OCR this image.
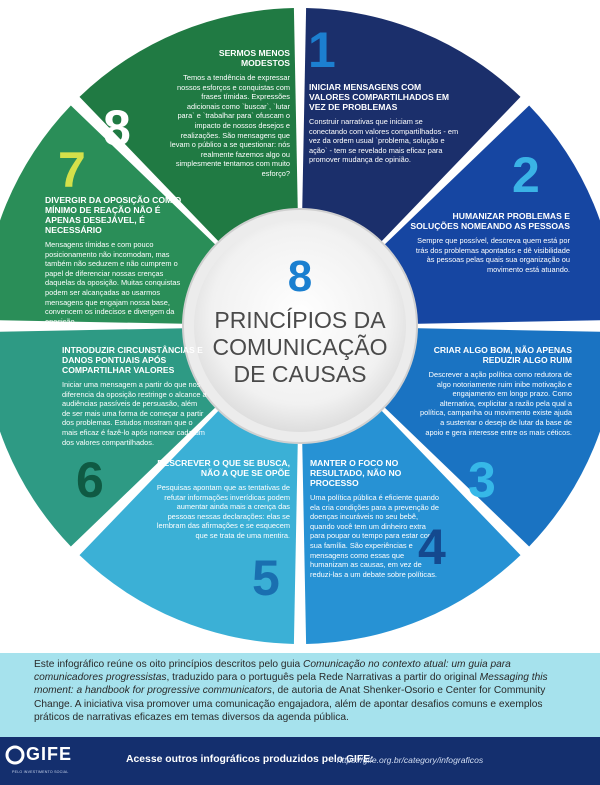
SERMOS MENOS MODESTOS

Temos a tendência de expressar nossos esforços e conquistas com frases tímidas. Expressões adicionais como `buscar`, `lutar para` e `trabalhar para` ofuscam o impacto de nossos desejos e realizações. São mensagens que levam o público a se questionar: nós realmente fazemos algo ou simplesmente tentamos com muito esforço?

8

INICIAR MENSAGENS COM VALORES COMPARTILHADOS EM VEZ DE PROBLEMAS

Construir narrativas que iniciam se conectando com valores compartilhados - em vez da ordem usual `problema, solução e ação` - tem se revelado mais eficaz para promover mudança de opinião.

1

HUMANIZAR PROBLEMAS E SOLUÇÕES NOMEANDO AS PESSOAS

Sempre que possível, descreva quem está por trás dos problemas apontados e dê visibilidade às pessoas pelas quais sua organização ou movimento está atuando.

2

CRIAR ALGO BOM, NÃO APENAS REDUZIR ALGO RUIM

Descrever a ação política como redutora de algo notoriamente ruim inibe motivação e engajamento em longo prazo. Como alternativa, explicitar a razão pela qual a política, campanha ou movimento existe ajuda a sustentar o desejo de lutar da base de apoio e gera interesse entre os mais céticos.

3

MANTER O FOCO NO RESULTADO, NÃO NO PROCESSO

Uma política pública é eficiente quando ela cria condições para a prevenção de doenças incuráveis no seu bebê, quando você tem um dinheiro extra para poupar ou tempo para estar com sua família. São experiências e mensagens como essas que humanizam as causas, em vez de reduzi-las a um debate sobre políticas.

4

DESCREVER O QUE SE BUSCA, NÃO A QUE SE OPÕE

Pesquisas apontam que as tentativas de refutar informações inverídicas podem aumentar ainda mais a crença das pessoas nessas declarações: elas se lembram das afirmações e se esquecem que se trata de uma mentira.

5

INTRODUZIR CIRCUNSTÂNCIAS E DANOS PONTUAIS APÓS COMPARTILHAR VALORES

Iniciar uma mensagem a partir do que nos diferencia da oposição restringe o alcance a audiências passíveis de persuasão, além de ser mais uma forma de começar a partir dos problemas. Estudos mostram que o mais eficaz é fazê-lo após nomear cada um dos valores compartilhados.

6

DIVERGIR DA OPOSIÇÃO COM O MÍNIMO DE REAÇÃO NÃO É APENAS DESEJÁVEL, É NECESSÁRIO

Mensagens tímidas e com pouco posicionamento não incomodam, mas também não seduzem e não cumprem o papel de diferenciar nossas crenças daquelas da oposição. Muitas conquistas podem ser alcançadas ao usarmos mensagens que engajam nossa base, convencem os indecisos e divergem da oposição.

7
8
PRINCÍPIOS DA
COMUNICAÇÃO
DE CAUSAS

Este infográfico reúne os oito princípios descritos pelo guia Comunicação no contexto atual: um guia para comunicadores progressistas, traduzido para o português pela Rede Narrativas a partir do original Messaging this moment: a handbook for progressive communicators, de autoria de Anat Shenker-Osorio e Center for Community Change. A iniciativa visa promover uma comunicação engajadora, além de apontar desafios comuns e exemplos práticos de narrativas eficazes em temas diversos da agenda pública.

GIFE
PELO INVESTIMENTO SOCIAL
Acesse outros infográficos produzidos pelo GIFE:
https://gife.org.br/category/infograficos
